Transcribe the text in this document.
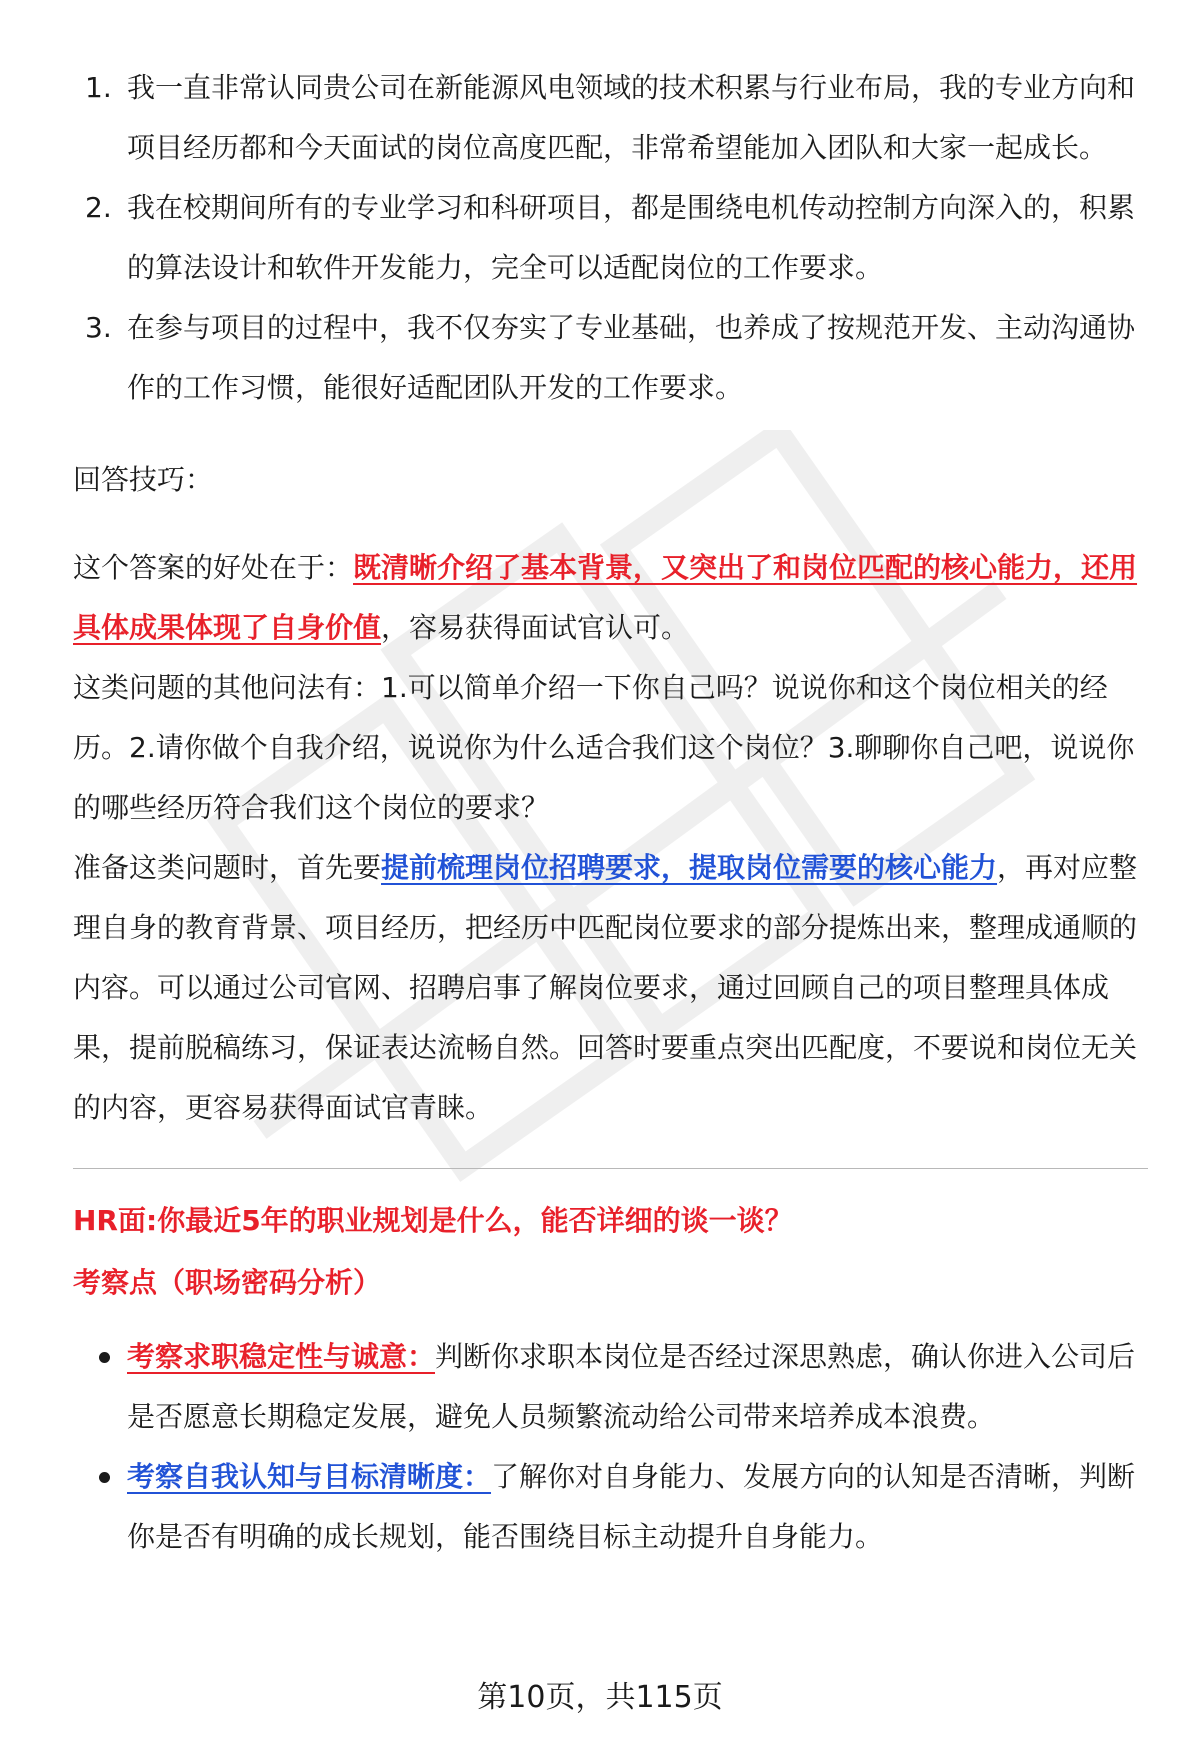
1. 我一直非常认同贵公司在新能源风电领域的技术积累与行业布局，我的专业方向和项目经历都和今天面试的岗位高度匹配，非常希望能加入团队和大家一起成长。
2. 我在校期间所有的专业学习和科研项目，都是围绕电机传动控制方向深入的，积累的算法设计和软件开发能力，完全可以适配岗位的工作要求。
3. 在参与项目的过程中，我不仅夯实了专业基础，也养成了按规范开发、主动沟通协作的工作习惯，能很好适配团队开发的工作要求。

回答技巧：

这个答案的好处在于：既清晰介绍了基本背景，又突出了和岗位匹配的核心能力，还用具体成果体现了自身价值，容易获得面试官认可。

这类问题的其他问法有：1.可以简单介绍一下你自己吗？说说你和这个岗位相关的经历。2.请你做个自我介绍，说说你为什么适合我们这个岗位？3.聊聊你自己吧，说说你的哪些经历符合我们这个岗位的要求？

准备这类问题时，首先要提前梳理岗位招聘要求，提取岗位需要的核心能力，再对应整理自身的教育背景、项目经历，把经历中匹配岗位要求的部分提炼出来，整理成通顺的内容。可以通过公司官网、招聘启事了解岗位要求，通过回顾自己的项目整理具体成果，提前脱稿练习，保证表达流畅自然。回答时要重点突出匹配度，不要说和岗位无关的内容，更容易获得面试官青睐。

HR面:你最近5年的职业规划是什么，能否详细的谈一谈？

考察点（职场密码分析）

考察求职稳定性与诚意：判断你求职本岗位是否经过深思熟虑，确认你进入公司后是否愿意长期稳定发展，避免人员频繁流动给公司带来培养成本浪费。
考察自我认知与目标清晰度：了解你对自身能力、发展方向的认知是否清晰，判断你是否有明确的成长规划，能否围绕目标主动提升自身能力。
第10页，共115页
